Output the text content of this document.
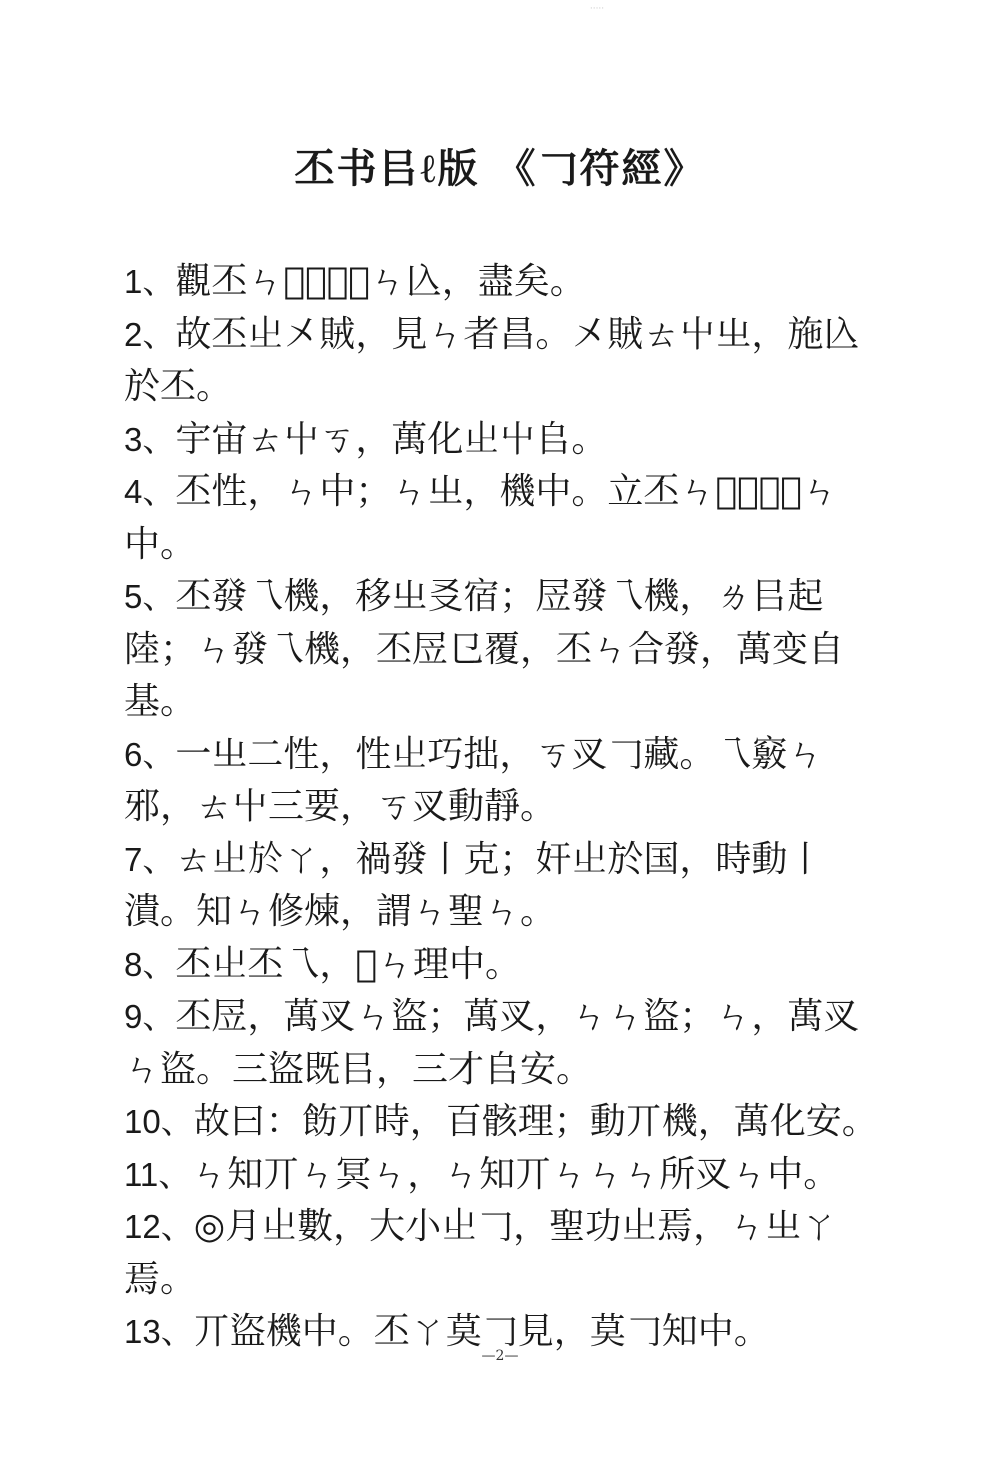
·····
丕书㠯ℓ版 《𠃌符經》

1、觀丕ㄣ𡘆，埶丕ㄣ兦，盡矣。

2、故丕𡳿㐅賊，見ㄣ者昌。㐅賊ㄊ屮㞢，施兦於丕。

3、宇宙ㄊ屮ㄎ，萬化𡳿屮𠂤。

4、丕性，ㄣ中；ㄣ㞢，機中。立丕ㄣ𡘆，㕚自ㄣ中。

5、丕發乁機，移㞢㕛宿；㞐發乁機，ㄌ㠯起陸；ㄣ發乁機，丕㞐㔾覆，丕ㄣ合發，萬变自基。

6、一㞢二性，性𡳿巧拙，ㄎ㕚𠃌藏。乁竅ㄣ邪，ㄊ屮三要，ㄎ㕚動靜。

7、ㄊ𡳿於ㄚ，禍發丨克；奸𡳿於国，時動丨潰。知ㄣ修煉，謂ㄣ聖ㄣ。

8、丕𡳿丕乁，𡘆ㄣ理中。

9、丕㞐，萬㕚ㄣ盜；萬㕚，ㄣㄣ盜；ㄣ，萬㕚ㄣ盜。三盜既㠯，三才𠂤安。

10、故曰：飭丌時，百骸理；動丌機，萬化安。

11、ㄣ知丌ㄣ冥ㄣ，ㄣ知丌ㄣㄣㄣ所㕚ㄣ中。

12、◎月𡳿數，大小𡳿𠃌，聖功𡳿焉，ㄣ㞢ㄚ焉。

13、丌盜機中。丕ㄚ莫𠃌見，莫𠃌知中。

—2—
